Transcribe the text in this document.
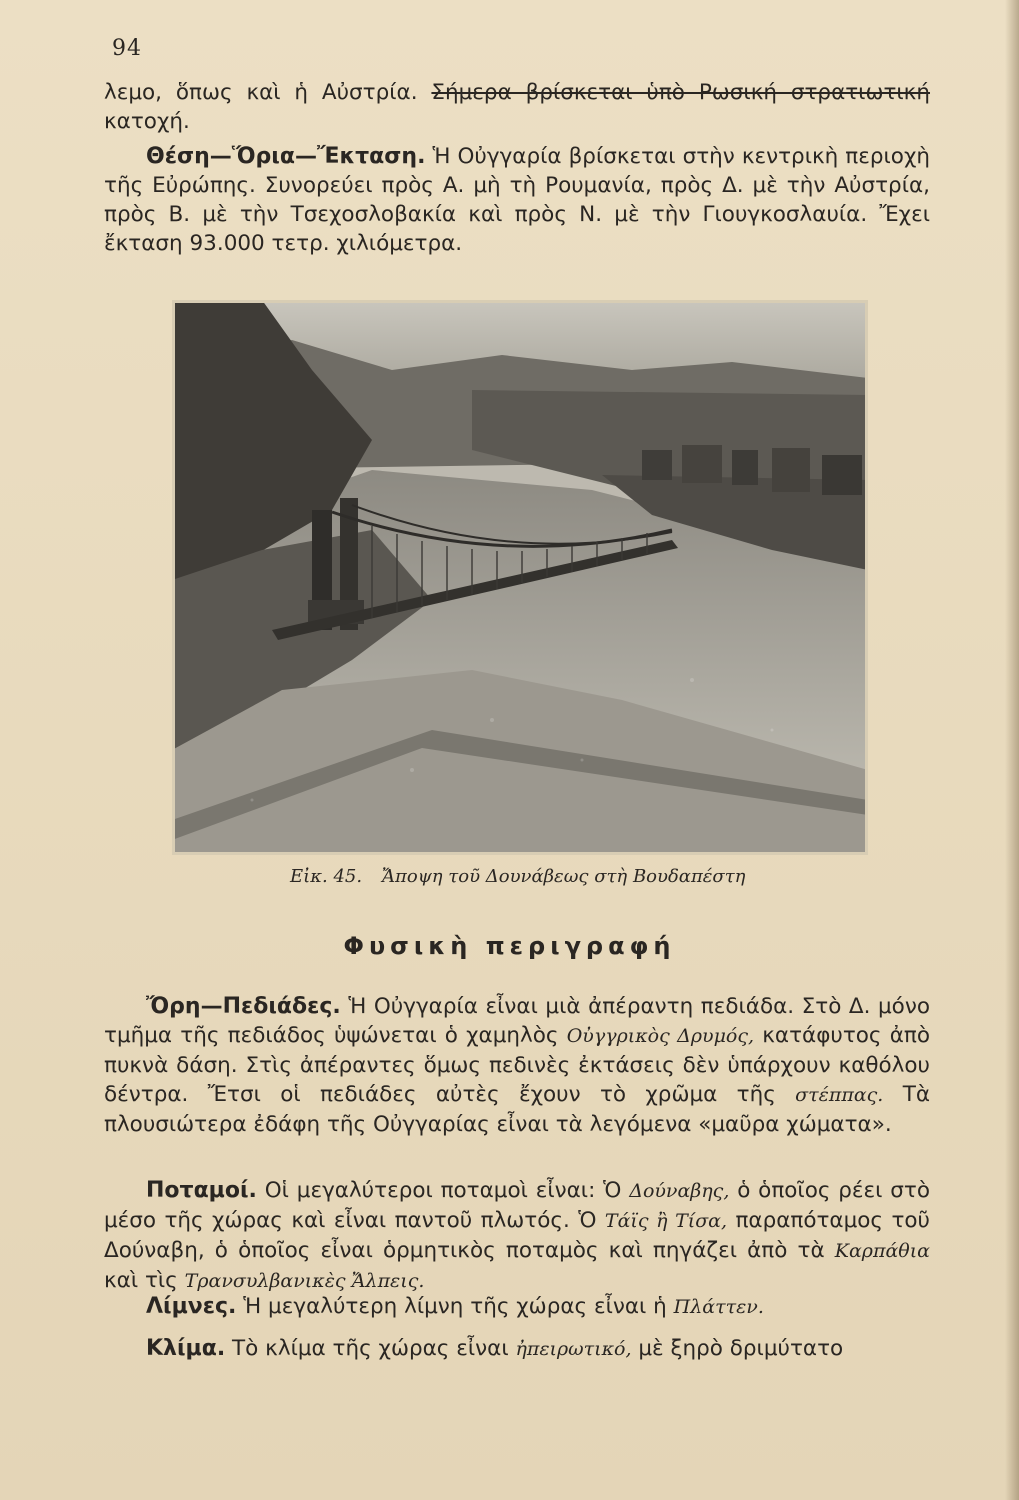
94

λεμο, ὅπως καὶ ἡ Αὐστρία. Σήμερα βρίσκεται ὑπὸ Ρωσική στρατιωτική κατοχή.

Θέση—Ὅρια—Ἔκταση. Ἡ Οὐγγαρία βρίσκεται στὴν κεντρικὴ περιοχὴ τῆς Εὐρώπης. Συνορεύει πρὸς Α. μὴ τὴ Ρουμανία, πρὸς Δ. μὲ τὴν Αὐστρία, πρὸς Β. μὲ τὴν Τσεχοσλοβακία καὶ πρὸς Ν. μὲ τὴν Γιουγκοσλαυία. Ἔχει ἔκταση 93.000 τετρ. χιλιόμετρα.

Εἰκ. 45. Ἄποψη τοῦ Δουνάβεως στὴ Βουδαπέστη
Φυσικὴ περιγραφή

Ὄρη—Πεδιάδες. Ἡ Οὐγγαρία εἶναι μιὰ ἀπέραντη πεδιάδα. Στὸ Δ. μόνο τμῆμα τῆς πεδιάδος ὑψώνεται ὁ χαμηλὸς Οὐγγρικὸς Δρυμός, κατάφυτος ἀπὸ πυκνὰ δάση. Στὶς ἀπέραντες ὅμως πεδινὲς ἐκτάσεις δὲν ὑπάρχουν καθόλου δέντρα. Ἔτσι οἱ πεδιάδες αὐτὲς ἔχουν τὸ χρῶμα τῆς στέππας. Τὰ πλουσιώτερα ἐδάφη τῆς Οὐγγαρίας εἶναι τὰ λεγόμενα «μαῦρα χώματα».

Ποταμοί. Οἱ μεγαλύτεροι ποταμοὶ εἶναι: Ὁ Δούναβης, ὁ ὁποῖος ρέει στὸ μέσο τῆς χώρας καὶ εἶναι παντοῦ πλωτός. Ὁ Τάϊς ἢ Τίσα, παραπόταμος τοῦ Δούναβη, ὁ ὁποῖος εἶναι ὁρμητικὸς ποταμὸς καὶ πηγάζει ἀπὸ τὰ Καρπάθια καὶ τὶς Τρανσυλβανικὲς Ἄλπεις.

Λίμνες. Ἡ μεγαλύτερη λίμνη τῆς χώρας εἶναι ἡ Πλάττεν.

Κλίμα. Τὸ κλίμα τῆς χώρας εἶναι ἠπειρωτικό, μὲ ξηρὸ δριμύτατο
